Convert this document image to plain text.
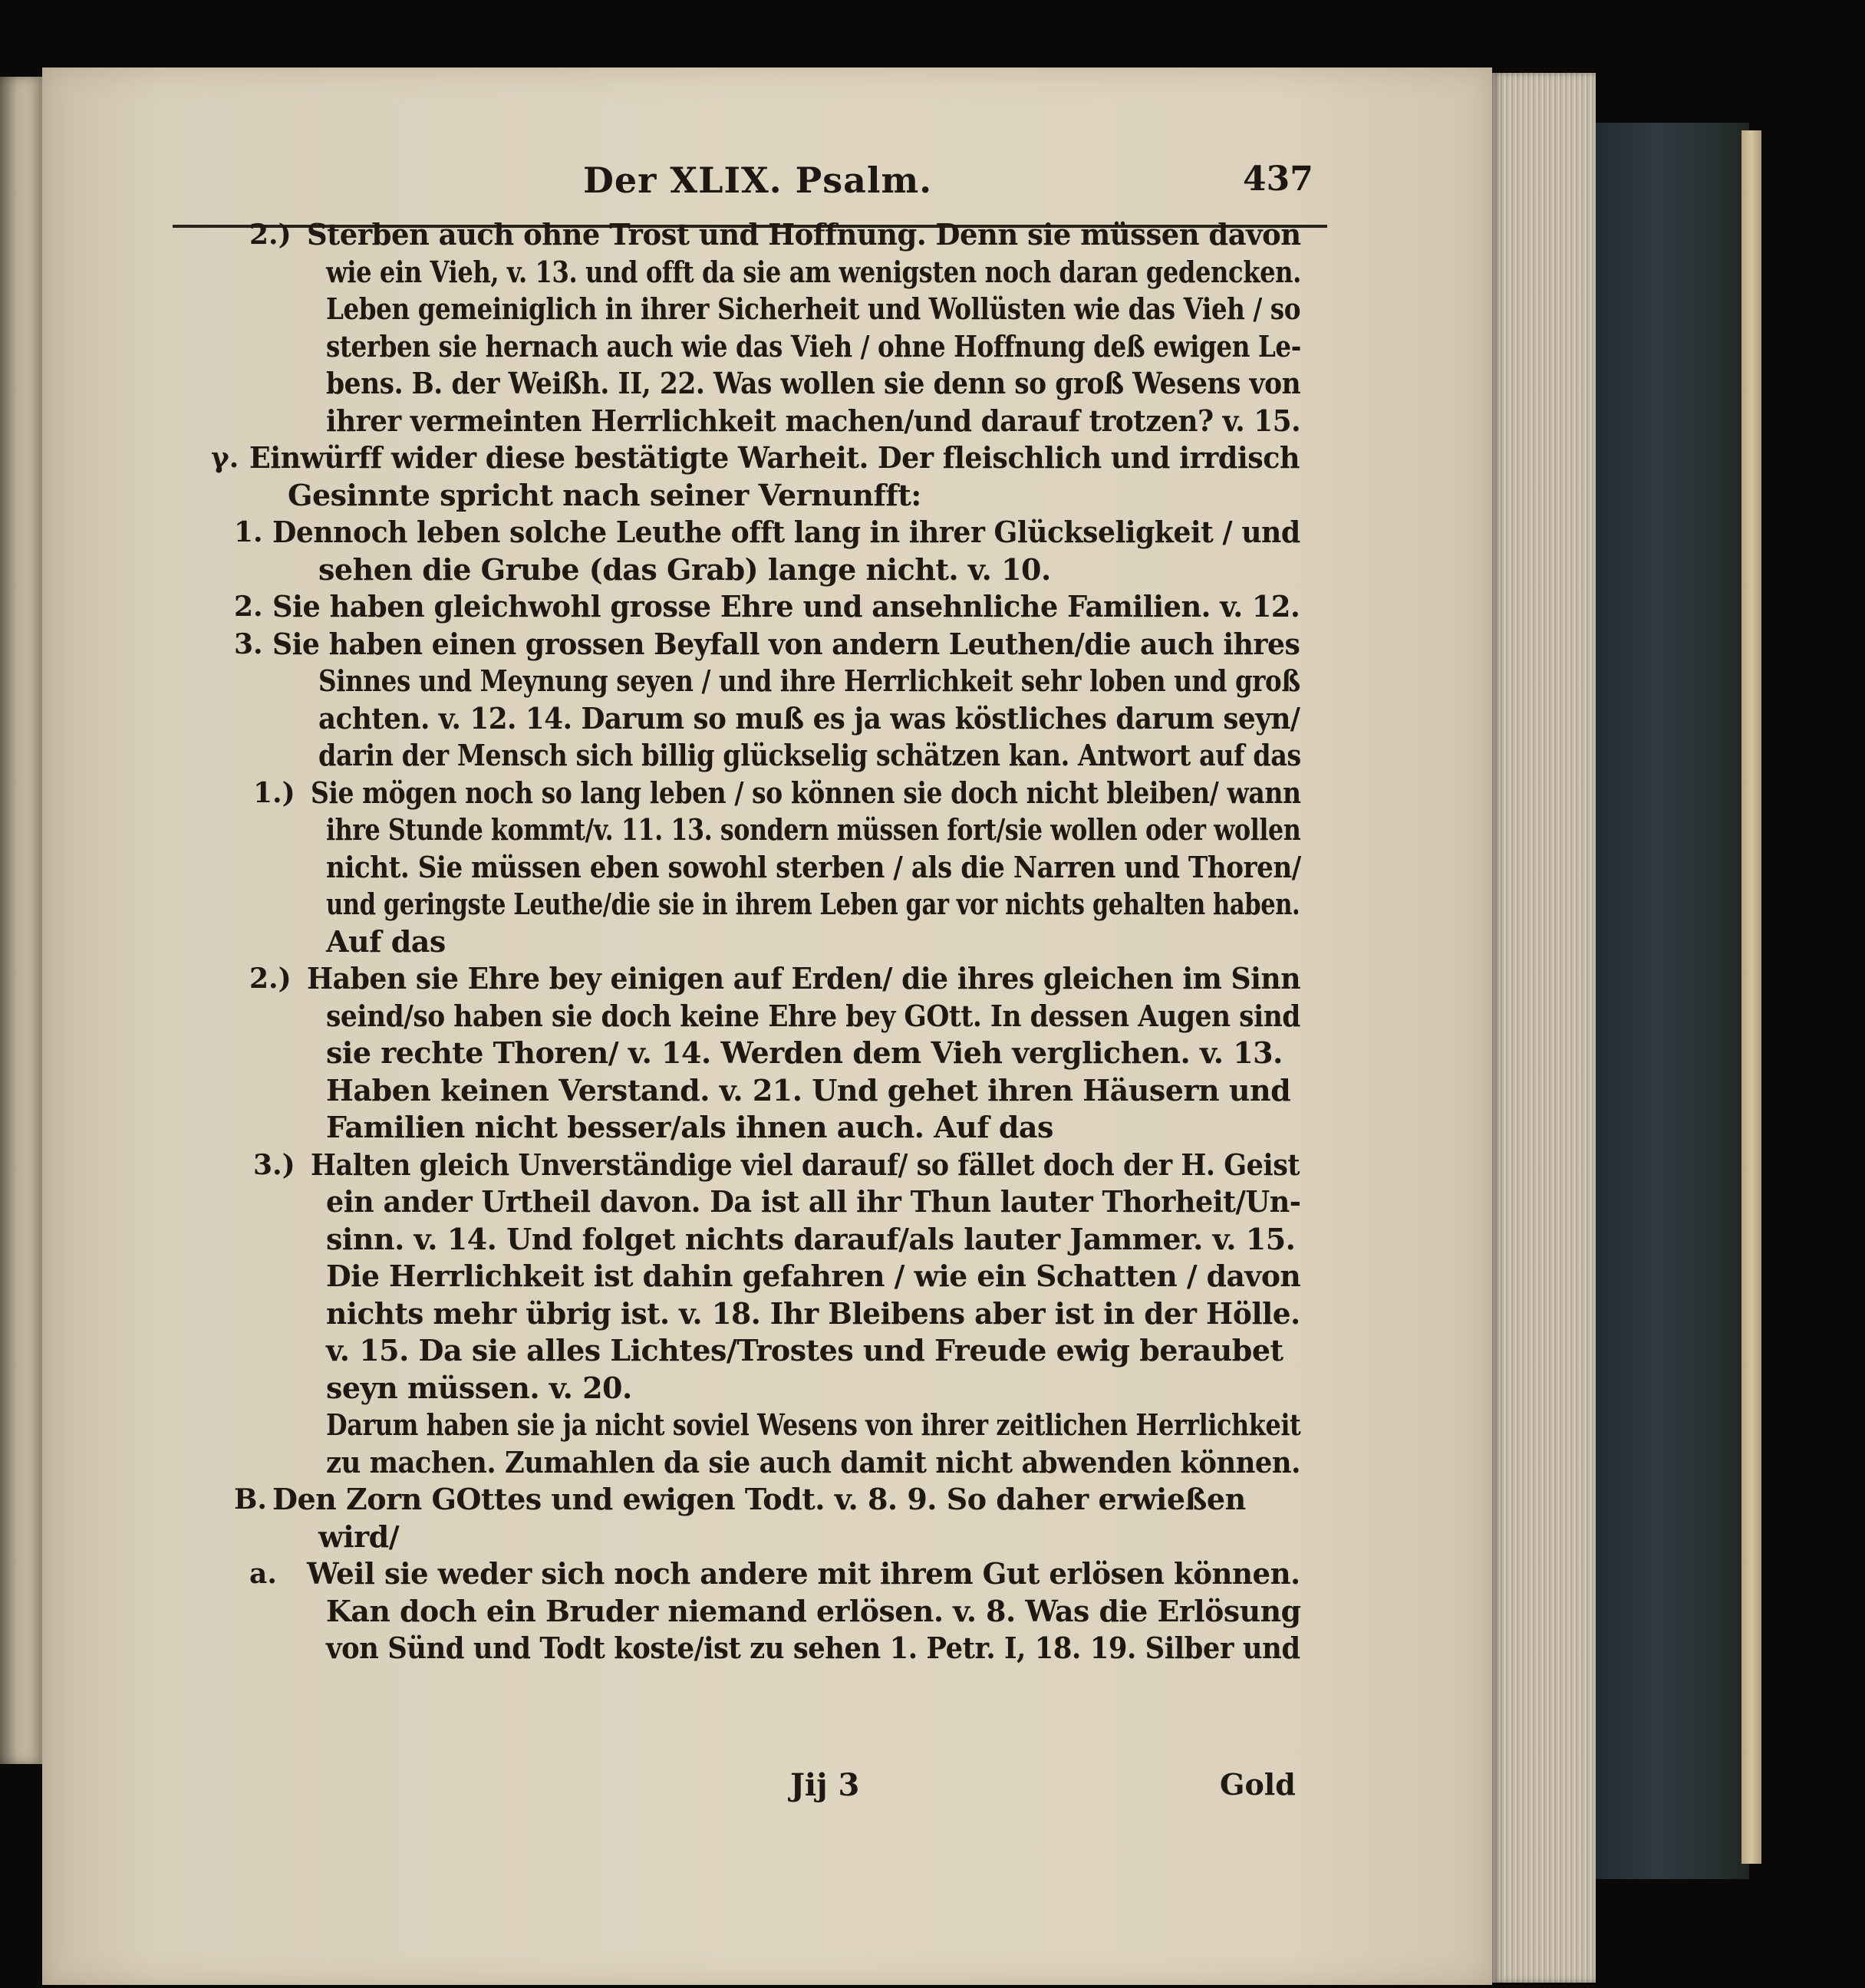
Der XLIX. Psalm.	437
2.) Sterben auch ohne Trost und Hoffnung. Denn sie müssen davon
wie ein Vieh, v. 13. und offt da sie am wenigsten noch daran gedencken.
Leben gemeiniglich in ihrer Sicherheit und Wollüsten wie das Vieh / so
sterben sie hernach auch wie das Vieh / ohne Hoffnung deß ewigen Le-
bens. B. der Weißh. II, 22. Was wollen sie denn so groß Wesens von
ihrer vermeinten Herrlichkeit machen/und darauf trotzen? v. 15.
γ. Einwürff wider diese bestätigte Warheit. Der fleischlich und irrdisch
Gesinnte spricht nach seiner Vernunfft:
1. Dennoch leben solche Leuthe offt lang in ihrer Glückseligkeit / und
sehen die Grube (das Grab) lange nicht. v. 10.
2. Sie haben gleichwohl grosse Ehre und ansehnliche Familien. v. 12.
3. Sie haben einen grossen Beyfall von andern Leuthen/die auch ihres
Sinnes und Meynung seyen / und ihre Herrlichkeit sehr loben und groß
achten. v. 12. 14. Darum so muß es ja was köstliches darum seyn/
darin der Mensch sich billig glückselig schätzen kan. Antwort auf das
1.) Sie mögen noch so lang leben / so können sie doch nicht bleiben/ wann
ihre Stunde kommt/v. 11. 13. sondern müssen fort/sie wollen oder wollen
nicht. Sie müssen eben sowohl sterben / als die Narren und Thoren/
und geringste Leuthe/die sie in ihrem Leben gar vor nichts gehalten haben.
Auf das
2.) Haben sie Ehre bey einigen auf Erden/ die ihres gleichen im Sinn
seind/so haben sie doch keine Ehre bey GOtt. In dessen Augen sind
sie rechte Thoren/ v. 14. Werden dem Vieh verglichen. v. 13.
Haben keinen Verstand. v. 21. Und gehet ihren Häusern und
Familien nicht besser/als ihnen auch. Auf das
3.) Halten gleich Unverständige viel darauf/ so fället doch der H. Geist
ein ander Urtheil davon. Da ist all ihr Thun lauter Thorheit/Un-
sinn. v. 14. Und folget nichts darauf/als lauter Jammer. v. 15.
Die Herrlichkeit ist dahin gefahren / wie ein Schatten / davon
nichts mehr übrig ist. v. 18. Ihr Bleibens aber ist in der Hölle.
v. 15. Da sie alles Lichtes/Trostes und Freude ewig beraubet
seyn müssen. v. 20.
Darum haben sie ja nicht soviel Wesens von ihrer zeitlichen Herrlichkeit
zu machen. Zumahlen da sie auch damit nicht abwenden können.
B. Den Zorn GOttes und ewigen Todt. v. 8. 9. So daher erwießen
wird/
a. Weil sie weder sich noch andere mit ihrem Gut erlösen können.
Kan doch ein Bruder niemand erlösen. v. 8. Was die Erlösung
von Sünd und Todt koste/ist zu sehen 1. Petr. I, 18. 19. Silber und
Jij 3	Gold
